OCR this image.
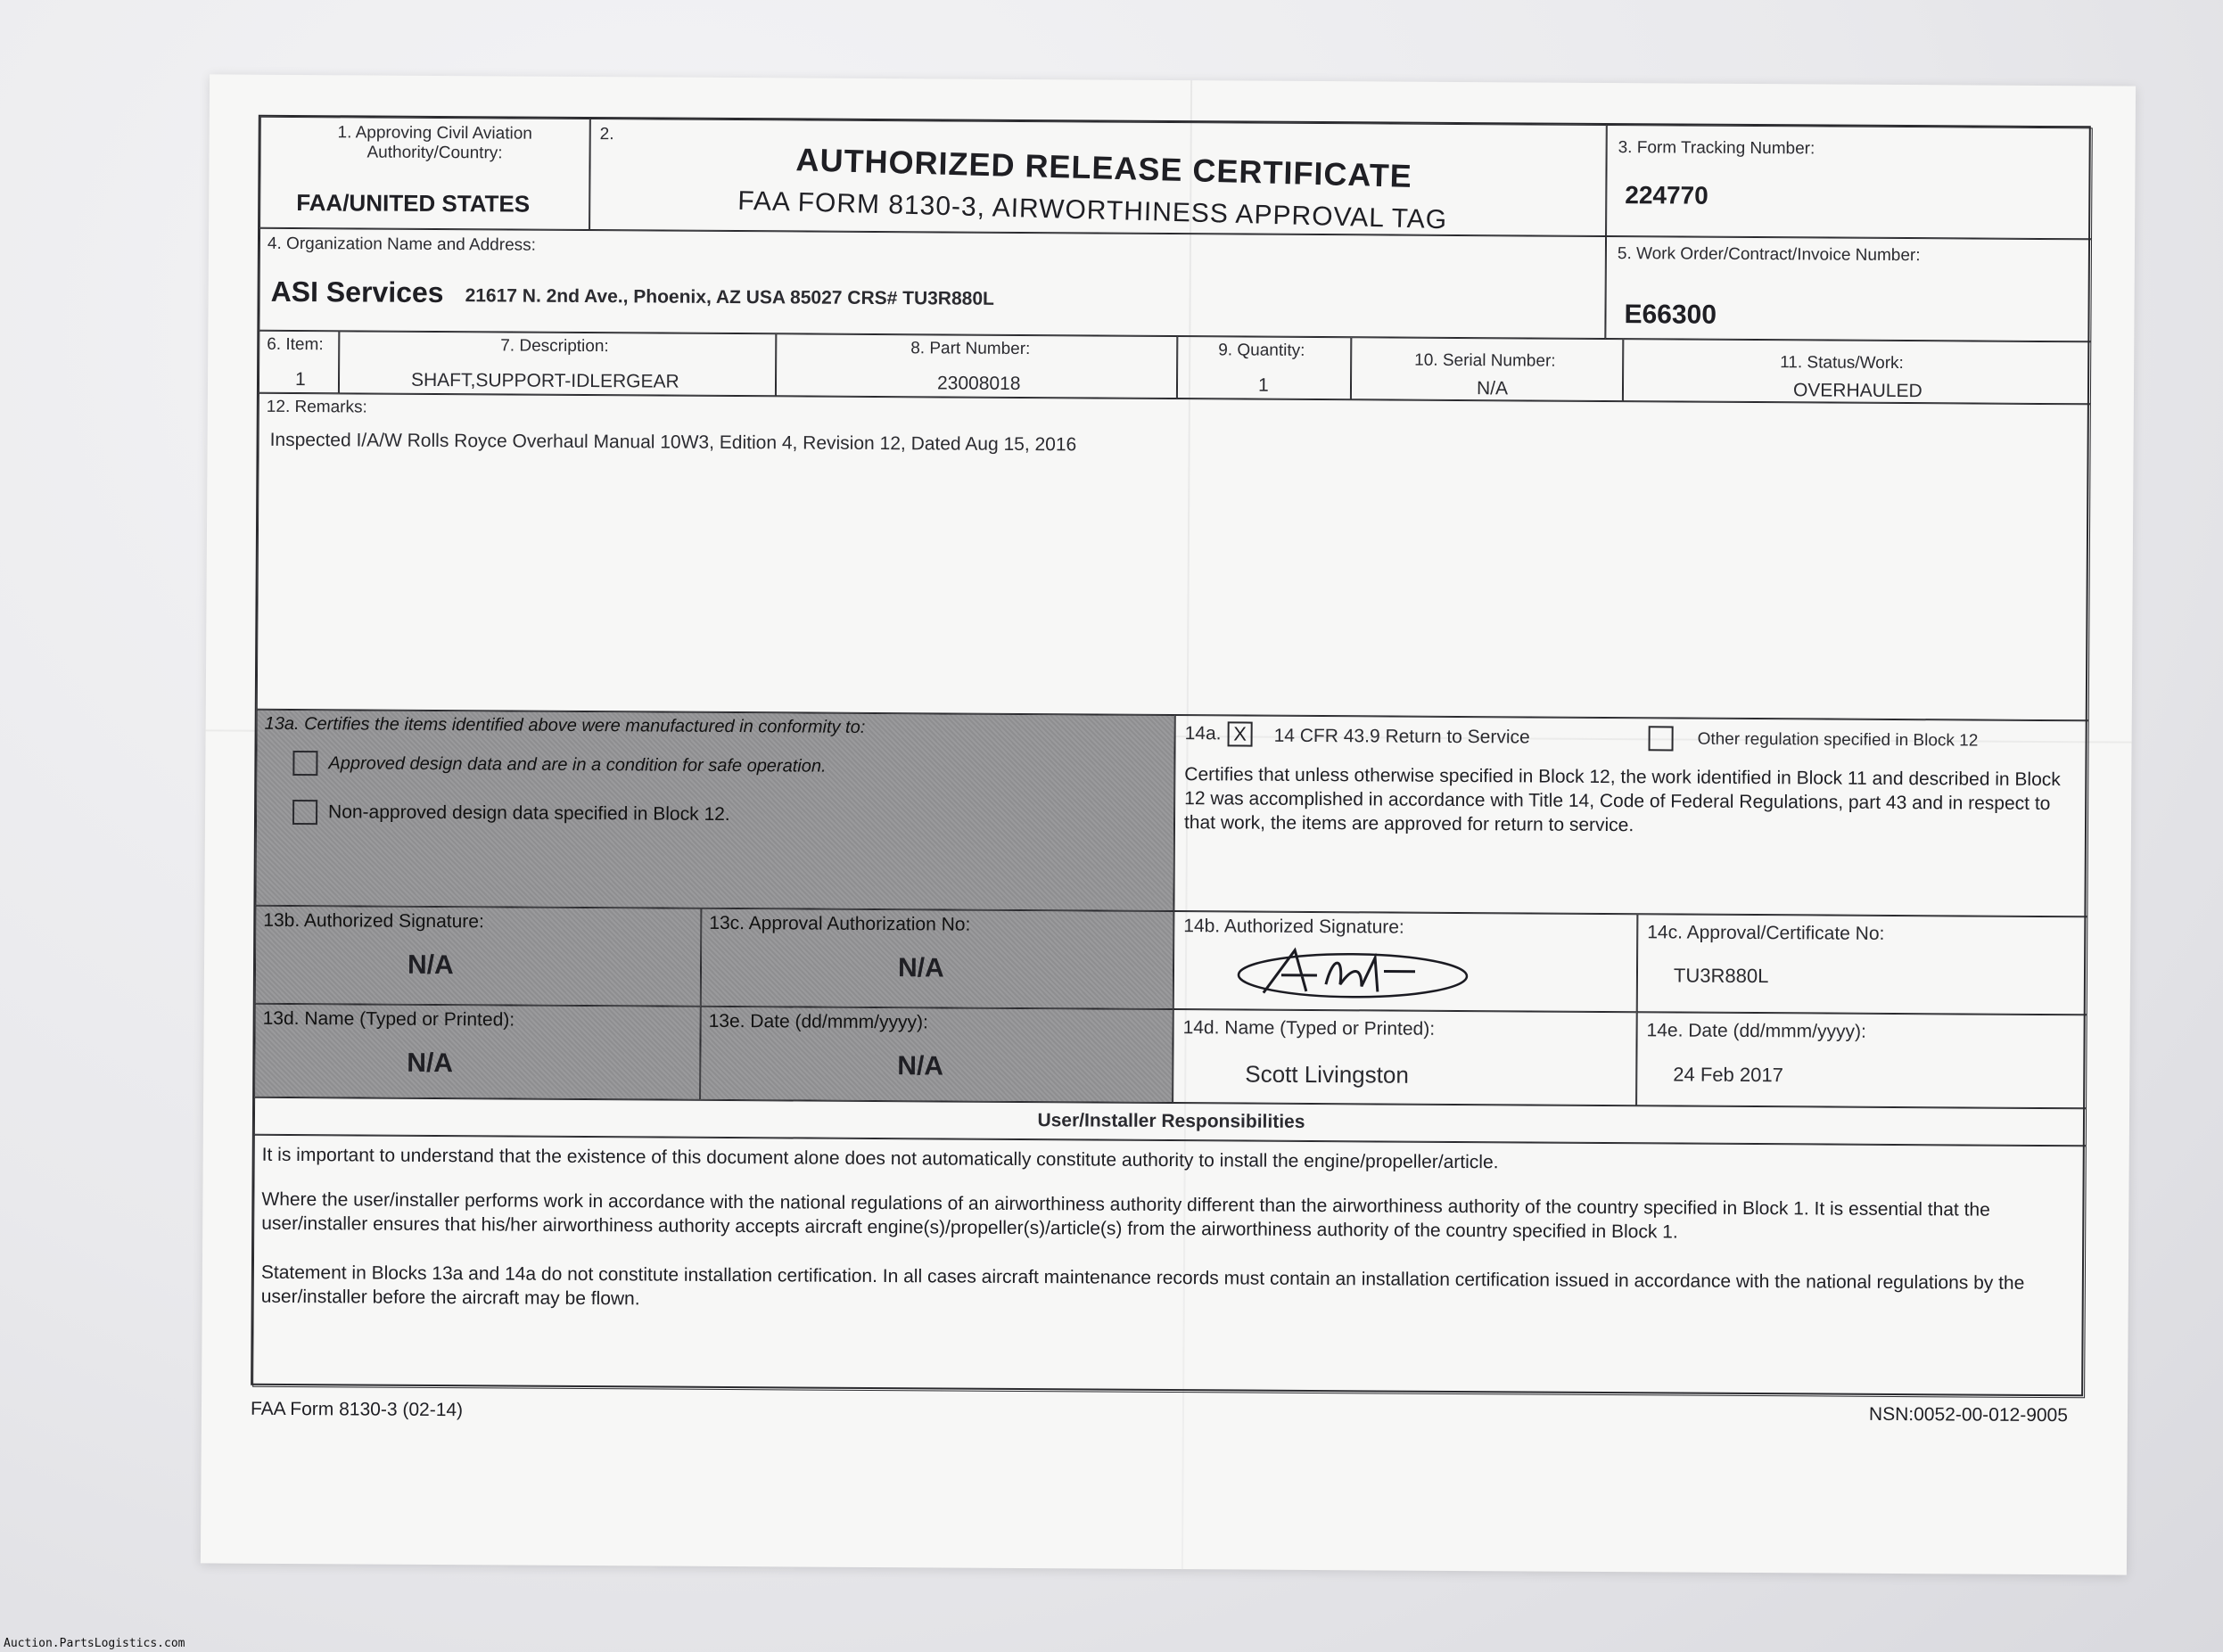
1. Approving Civil Aviation Authority/Country:
FAA/UNITED STATES
2.
AUTHORIZED RELEASE CERTIFICATE
FAA FORM 8130-3, AIRWORTHINESS APPROVAL TAG
3. Form Tracking Number:
224770
4. Organization Name and Address:
ASI Services 21617 N. 2nd Ave., Phoenix, AZ USA 85027 CRS# TU3R880L
5. Work Order/Contract/Invoice Number:
E66300
6. Item:
1
7. Description:
SHAFT,SUPPORT-IDLERGEAR
8. Part Number:
23008018
9. Quantity:
1
10. Serial Number:
N/A
11. Status/Work:
OVERHAULED
12. Remarks:
Inspected I/A/W Rolls Royce Overhaul Manual 10W3, Edition 4, Revision 12, Dated Aug 15, 2016
13a. Certifies the items identified above were manufactured in conformity to:
Approved design data and are in a condition for safe operation.
Non-approved design data specified in Block 12.
14a. X	14 CFR 43.9 Return to Service	Other regulation specified in Block 12
Certifies that unless otherwise specified in Block 12, the work identified in Block 11 and described in Block 12 was accomplished in accordance with Title 14, Code of Federal Regulations, part 43 and in respect to that work, the items are approved for return to service.
13b. Authorized Signature:
N/A
13c. Approval Authorization No:
N/A
14b. Authorized Signature:	14c. Approval/Certificate No:
TU3R880L
13d. Name (Typed or Printed):
N/A
13e. Date (dd/mmm/yyyy):
N/A
14d. Name (Typed or Printed):
Scott Livingston
14e. Date (dd/mmm/yyyy):
24 Feb 2017
User/Installer Responsibilities
It is important to understand that the existence of this document alone does not automatically constitute authority to install the engine/propeller/article.
Where the user/installer performs work in accordance with the national regulations of an airworthiness authority different than the airworthiness authority of the country specified in Block 1. It is essential that the user/installer ensures that his/her airworthiness authority accepts aircraft engine(s)/propeller(s)/article(s) from the airworthiness authority of the country specified in Block 1.
Statement in Blocks 13a and 14a do not constitute installation certification. In all cases aircraft maintenance records must contain an installation certification issued in accordance with the national regulations by the user/installer before the aircraft may be flown.
FAA Form 8130-3 (02-14)	NSN:0052-00-012-9005
Auction.PartsLogistics.com
